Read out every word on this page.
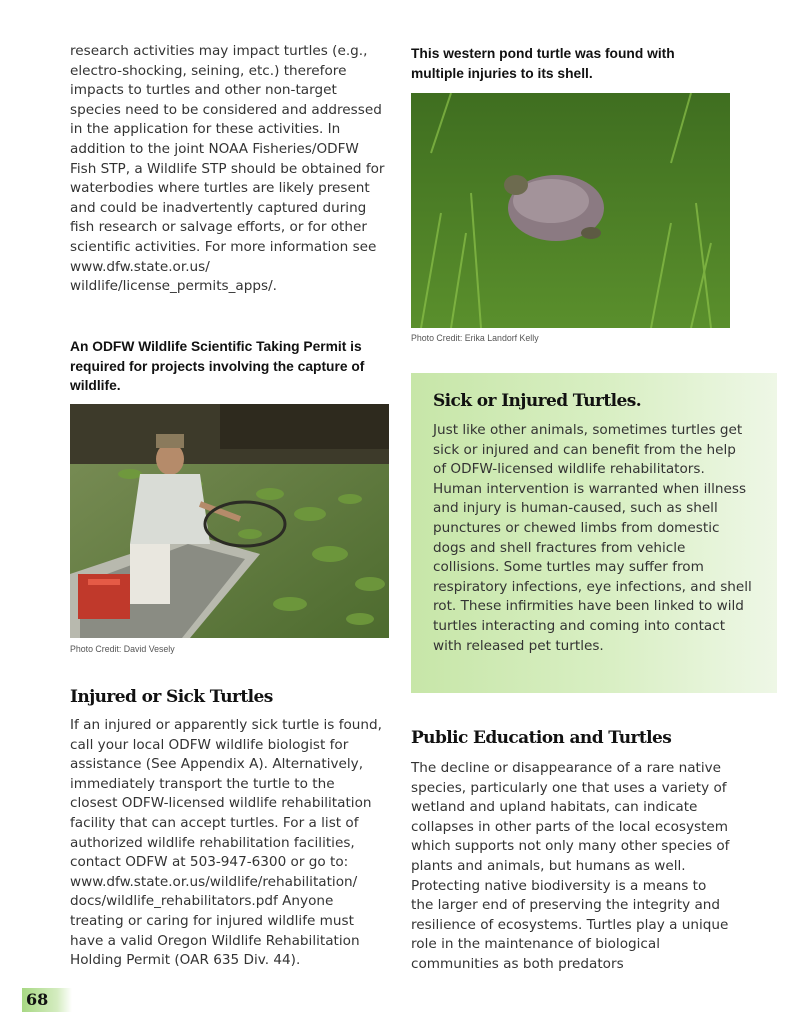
research activities may impact turtles (e.g., electro-shocking, seining, etc.) therefore impacts to turtles and other non-target species need to be considered and addressed in the application for these activities. In addition to the joint NOAA Fisheries/ODFW Fish STP, a Wildlife STP should be obtained for waterbodies where turtles are likely present and could be inadvertently captured during fish research or salvage efforts, or for other scientific activities. For more information see www.dfw.state.or.us/ wildlife/license_permits_apps/.

An ODFW Wildlife Scientific Taking Permit is required for projects involving the capture of wildlife.

Photo Credit: David Vesely

Injured or Sick Turtles

If an injured or apparently sick turtle is found, call your local ODFW wildlife biologist for assistance (See Appendix A). Alternatively, immediately transport the turtle to the closest ODFW-licensed wildlife rehabilitation facility that can accept turtles. For a list of authorized wildlife rehabilitation facilities, contact ODFW at 503-947-6300 or go to: www.dfw.state.or.us/wildlife/rehabilitation/ docs/wildlife_rehabilitators.pdf Anyone treating or caring for injured wildlife must have a valid Oregon Wildlife Rehabilitation Holding Permit (OAR 635 Div. 44).

This western pond turtle was found with multiple injuries to its shell.

Photo Credit: Erika Landorf Kelly

Sick or Injured Turtles.

Just like other animals, sometimes turtles get sick or injured and can benefit from the help of ODFW-licensed wildlife rehabilitators. Human intervention is warranted when illness and injury is human-caused, such as shell punctures or chewed limbs from domestic dogs and shell fractures from vehicle collisions. Some turtles may suffer from respiratory infections, eye infections, and shell rot. These infirmities have been linked to wild turtles interacting and coming into contact with released pet turtles.

Public Education and Turtles

The decline or disappearance of a rare native species, particularly one that uses a variety of wetland and upland habitats, can indicate collapses in other parts of the local ecosystem which supports not only many other species of plants and animals, but humans as well. Protecting native biodiversity is a means to the larger end of preserving the integrity and resilience of ecosystems. Turtles play a unique role in the maintenance of biological communities as both predators

68
